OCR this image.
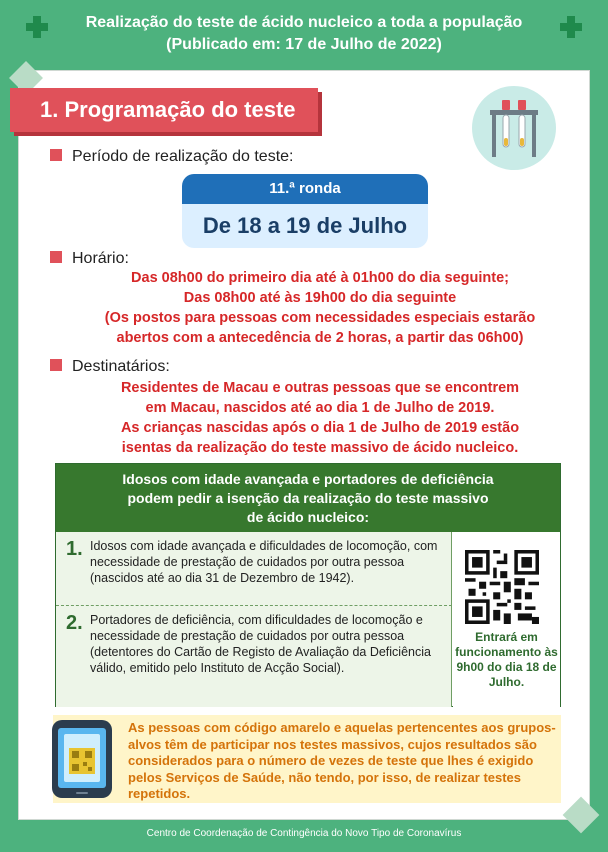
Realização do teste de ácido nucleico a toda a população
(Publicado em: 17 de Julho de 2022)
1. Programação do teste
Período de realização do teste:
11.ª ronda
De 18 a 19 de Julho
Horário:
Das 08h00 do primeiro dia até à 01h00 do dia seguinte;
Das 08h00 até às 19h00 do dia seguinte
(Os postos para pessoas com necessidades especiais estarão
abertos com a antecedência de 2 horas, a partir das 06h00)
Destinatários:
Residentes de Macau e outras pessoas que se encontrem
em Macau, nascidos até ao dia 1 de Julho de 2019.
As crianças nascidas após o dia 1 de Julho de 2019 estão
isentas da realização do teste massivo de ácido nucleico.
Idosos com idade avançada e portadores de deficiência
podem pedir a isenção da realização do teste massivo
de ácido nucleico:
1. Idosos com idade avançada e dificuldades de locomoção, com necessidade de prestação de cuidados por outra pessoa (nascidos até ao dia 31 de Dezembro de 1942).
2. Portadores de deficiência, com dificuldades de locomoção e necessidade de prestação de cuidados por outra pessoa (detentores do Cartão de Registo de Avaliação da Deficiência válido, emitido pelo Instituto de Acção Social).
Entrará em funcionamento às 9h00 do dia 18 de Julho.
As pessoas com código amarelo e aquelas pertencentes aos grupos-alvos têm de participar nos testes massivos, cujos resultados são considerados para o número de vezes de teste que lhes é exigido pelos Serviços de Saúde, não tendo, por isso, de realizar testes repetidos.
Centro de Coordenação de Contingência do Novo Tipo de Coronavírus
